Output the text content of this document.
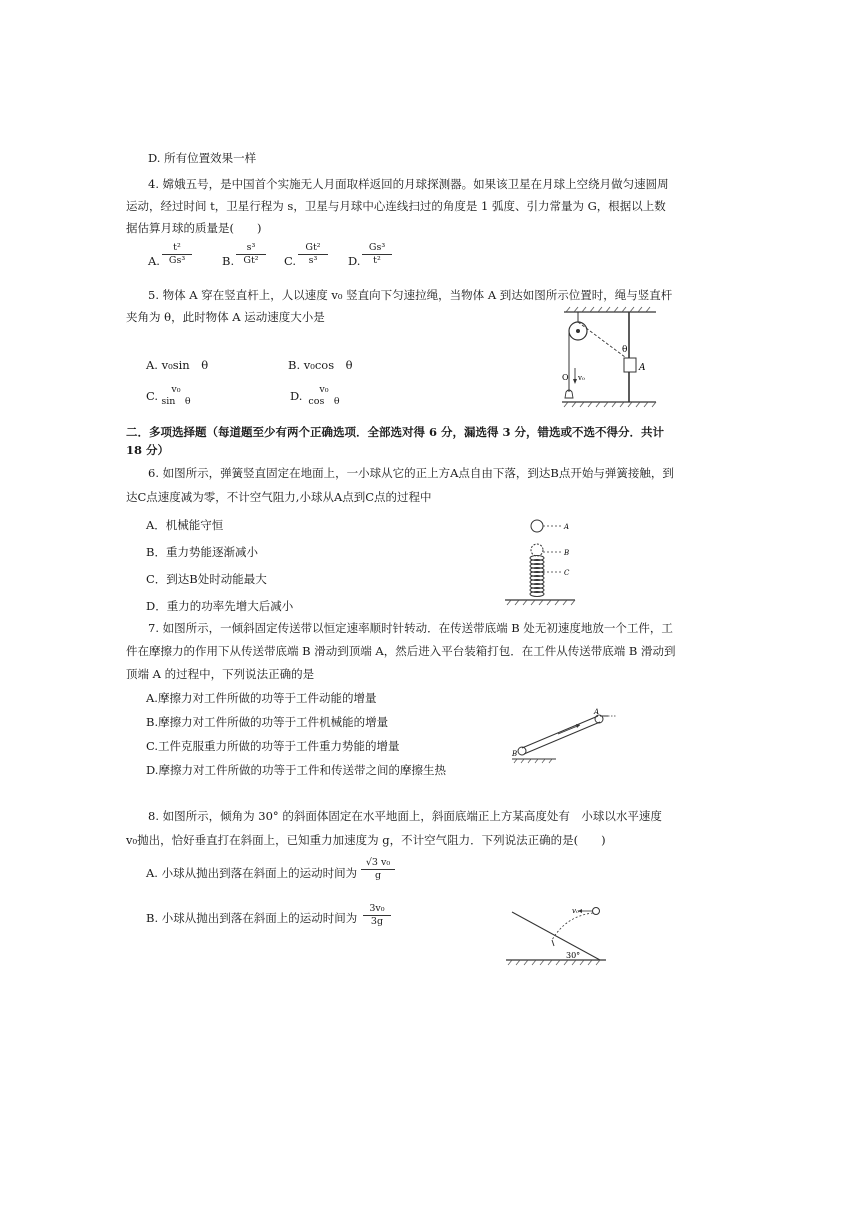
D. 所有位置效果一样
4. 嫦娥五号，是中国首个实施无人月面取样返回的月球探测器。如果该卫星在月球上空绕月做匀速圆周
运动，经过时间 t，卫星行程为 s，卫星与月球中心连线扫过的角度是 1 弧度、引力常量为 G，根据以上数
据估算月球的质量是(　　)
A.
t²
Gs³	B.
s³
Gt²	C.
Gt²
s³	D.
Gs³
t²
5. 物体 A 穿在竖直杆上，人以速度 v₀ 竖直向下匀速拉绳，当物体 A 到达如图所示位置时，绳与竖直杆
夹角为 θ，此时物体 A 运动速度大小是
A. v₀sin　θ	B. v₀cos　θ
C.	v₀
sin　θ	D.	v₀
cos　θ
θ
A
O v₀
二．多项选择题（每道题至少有两个正确选项．全部选对得 6 分，漏选得 3 分，错选或不选不得分．共计
18 分）
6. 如图所示，弹簧竖直固定在地面上，一小球从它的正上方A点自由下落，到达B点开始与弹簧接触，到
达C点速度减为零，不计空气阻力,小球从A点到C点的过程中
A．机械能守恒
B．重力势能逐渐减小
C．到达B处时动能最大
D．重力的功率先增大后减小
A
B
C
7. 如图所示，一倾斜固定传送带以恒定速率顺时针转动．在传送带底端 B 处无初速度地放一个工件，工
件在摩擦力的作用下从传送带底端 B 滑动到顶端 A，然后进入平台装箱打包．在工件从传送带底端 B 滑动到
顶端 A 的过程中，下列说法正确的是
A.摩擦力对工件所做的功等于工件动能的增量
B.摩擦力对工件所做的功等于工件机械能的增量
C.工件克服重力所做的功等于工件重力势能的增量
D.摩擦力对工件所做的功等于工件和传送带之间的摩擦生热
A
B
8. 如图所示，倾角为 30° 的斜面体固定在水平地面上，斜面底端正上方某高度处有　小球以水平速度
v₀抛出，恰好垂直打在斜面上，已知重力加速度为 g，不计空气阻力．下列说法正确的是(　　)
A. 小球从抛出到落在斜面上的运动时间为
√3 v₀
g
B. 小球从抛出到落在斜面上的运动时间为
3v₀
3g
v₀
30°
